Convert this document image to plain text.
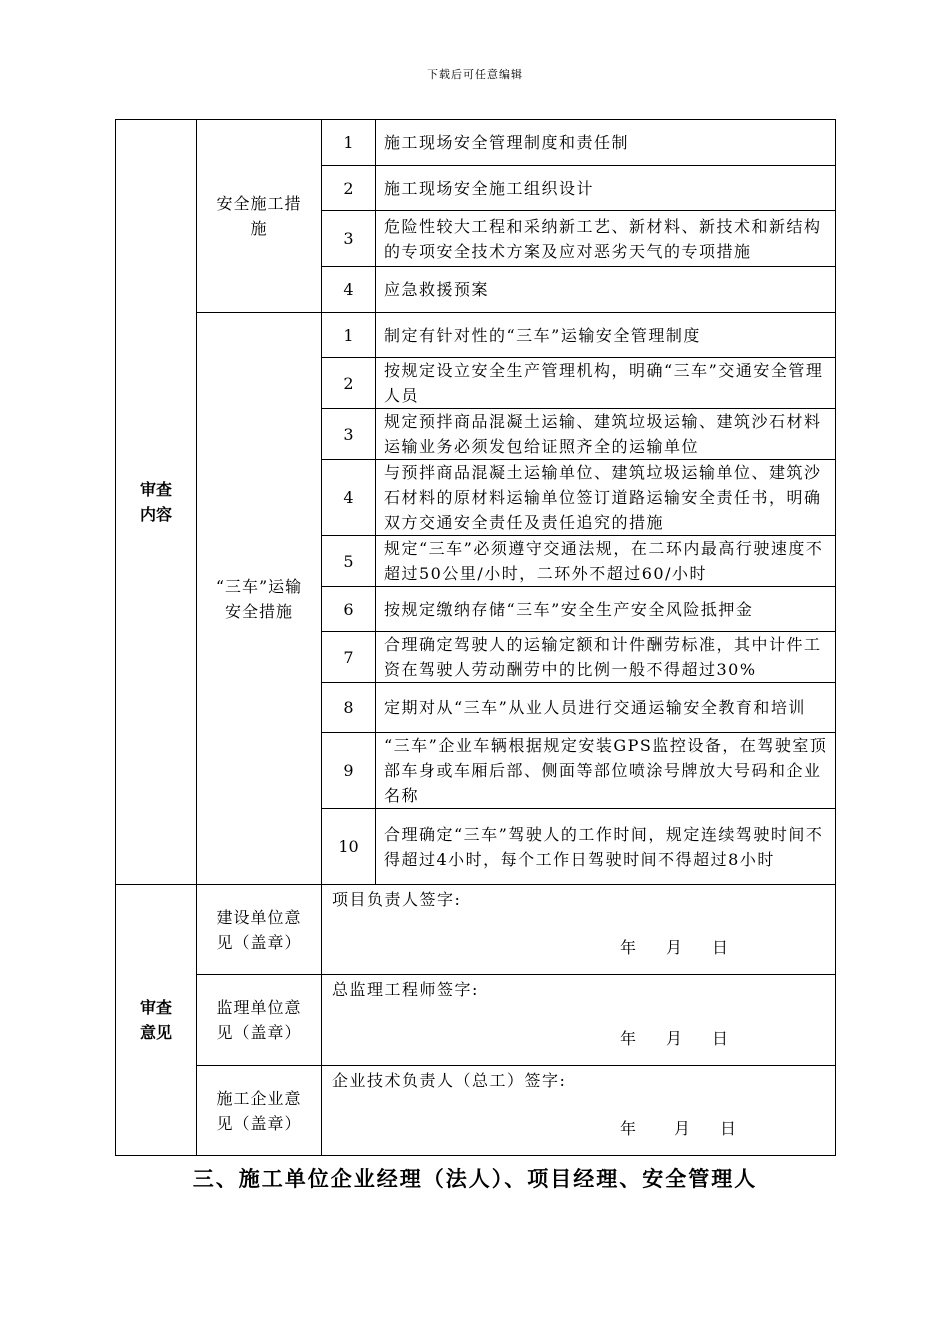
下载后可任意编辑
审查内容	安全施工措施	1	施工现场安全管理制度和责任制
		2	施工现场安全施工组织设计
		3	危险性较大工程和采纳新工艺、新材料、新技术和新结构的专项安全技术方案及应对恶劣天气的专项措施
		4	应急救援预案
	“三车”运输安全措施	1	制定有针对性的“三车”运输安全管理制度
		2	按规定设立安全生产管理机构，明确“三车”交通安全管理人员
		3	规定预拌商品混凝土运输、建筑垃圾运输、建筑沙石材料运输业务必须发包给证照齐全的运输单位
		4	与预拌商品混凝土运输单位、建筑垃圾运输单位、建筑沙石材料的原材料运输单位签订道路运输安全责任书，明确双方交通安全责任及责任追究的措施
		5	规定“三车”必须遵守交通法规，在二环内最高行驶速度不超过50公里/小时，二环外不超过60/小时
		6	按规定缴纳存储“三车”安全生产安全风险抵押金
		7	合理确定驾驶人的运输定额和计件酬劳标准，其中计件工资在驾驶人劳动酬劳中的比例一般不得超过30%
		8	定期对从“三车”从业人员进行交通运输安全教育和培训
		9	“三车”企业车辆根据规定安装GPS监控设备，在驾驶室顶部车身或车厢后部、侧面等部位喷涂号牌放大号码和企业名称
		10	合理确定“三车”驾驶人的工作时间，规定连续驾驶时间不得超过4小时，每个工作日驾驶时间不得超过8小时

审查意见	建设单位意见（盖章）	项目负责人签字:
年 月 日	

	监理单位意见（盖章）	总监理工程师签字:
年 月 日	

	施工企业意见（盖章）	企业技术负责人（总工）签字:
年 月 日	
三、施工单位企业经理（法人）、项目经理、安全管理人
